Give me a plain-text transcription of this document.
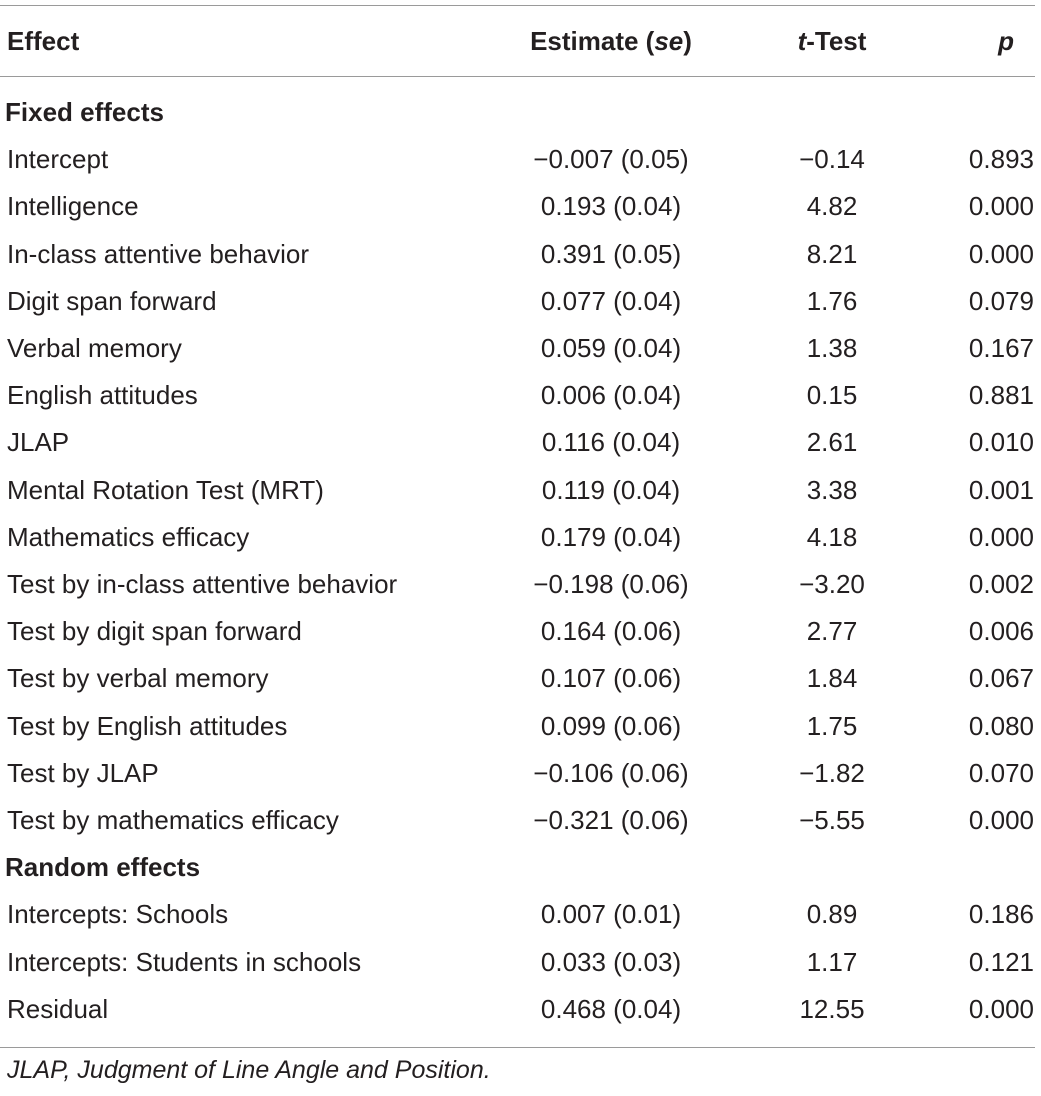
Effect	Estimate (se)	t-Test	p
Fixed effects
Intercept	−0.007 (0.05)	−0.14	0.893
Intelligence	0.193 (0.04)	4.82	0.000
In-class attentive behavior	0.391 (0.05)	8.21	0.000
Digit span forward	0.077 (0.04)	1.76	0.079
Verbal memory	0.059 (0.04)	1.38	0.167
English attitudes	0.006 (0.04)	0.15	0.881
JLAP	0.116 (0.04)	2.61	0.010
Mental Rotation Test (MRT)	0.119 (0.04)	3.38	0.001
Mathematics efficacy	0.179 (0.04)	4.18	0.000
Test by in-class attentive behavior	−0.198 (0.06)	−3.20	0.002
Test by digit span forward	0.164 (0.06)	2.77	0.006
Test by verbal memory	0.107 (0.06)	1.84	0.067
Test by English attitudes	0.099 (0.06)	1.75	0.080
Test by JLAP	−0.106 (0.06)	−1.82	0.070
Test by mathematics efficacy	−0.321 (0.06)	−5.55	0.000
Random effects
Intercepts: Schools	0.007 (0.01)	0.89	0.186
Intercepts: Students in schools	0.033 (0.03)	1.17	0.121
Residual	0.468 (0.04)	12.55	0.000
JLAP, Judgment of Line Angle and Position.
